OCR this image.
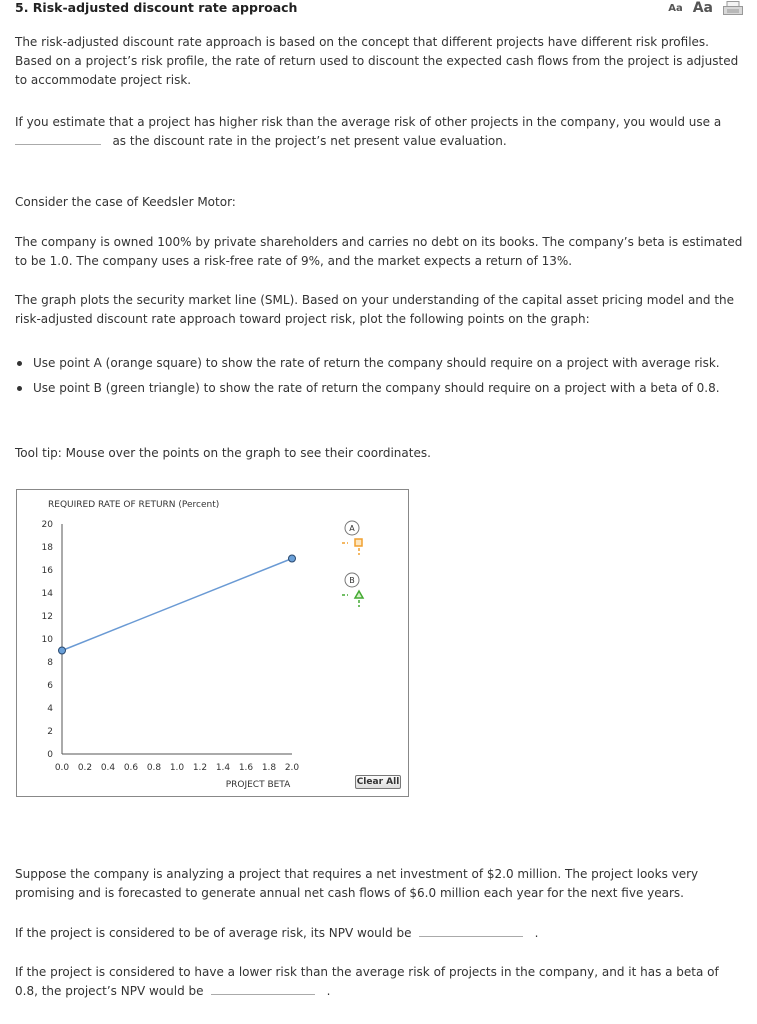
5. Risk-adjusted discount rate approach	Aa Aa
The risk-adjusted discount rate approach is based on the concept that different projects have different risk profiles. Based on a project’s risk profile, the rate of return used to discount the expected cash flows from the project is adjusted to accommodate project risk.
If you estimate that a project has higher risk than the average risk of other projects in the company, you would use a    as the discount rate in the project’s net present value evaluation.
Consider the case of Keedsler Motor:
The company is owned 100% by private shareholders and carries no debt on its books. The company’s beta is estimated to be 1.0. The company uses a risk-free rate of 9%, and the market expects a return of 13%.
The graph plots the security market line (SML). Based on your understanding of the capital asset pricing model and the risk-adjusted discount rate approach toward project risk, plot the following points on the graph:
Use point A (orange square) to show the rate of return the company should require on a project with average risk.
Use point B (green triangle) to show the rate of return the company should require on a project with a beta of 0.8.
Tool tip: Mouse over the points on the graph to see their coordinates.
REQUIRED RATE OF RETURN (Percent)
PROJECT BETA
0
2
4
6
8
10
12
14
16
18
20
0.0 0.2 0.4 0.6 0.8 1.0 1.2 1.4 1.6 1.8 2.0
A
B
Clear All
Suppose the company is analyzing a project that requires a net investment of $2.0 million. The project looks very promising and is forecasted to generate annual net cash flows of $6.0 million each year for the next five years.
If the project is considered to be of average risk, its NPV would be	.
If the project is considered to have a lower risk than the average risk of projects in the company, and it has a beta of 0.8, the project’s NPV would be	.
